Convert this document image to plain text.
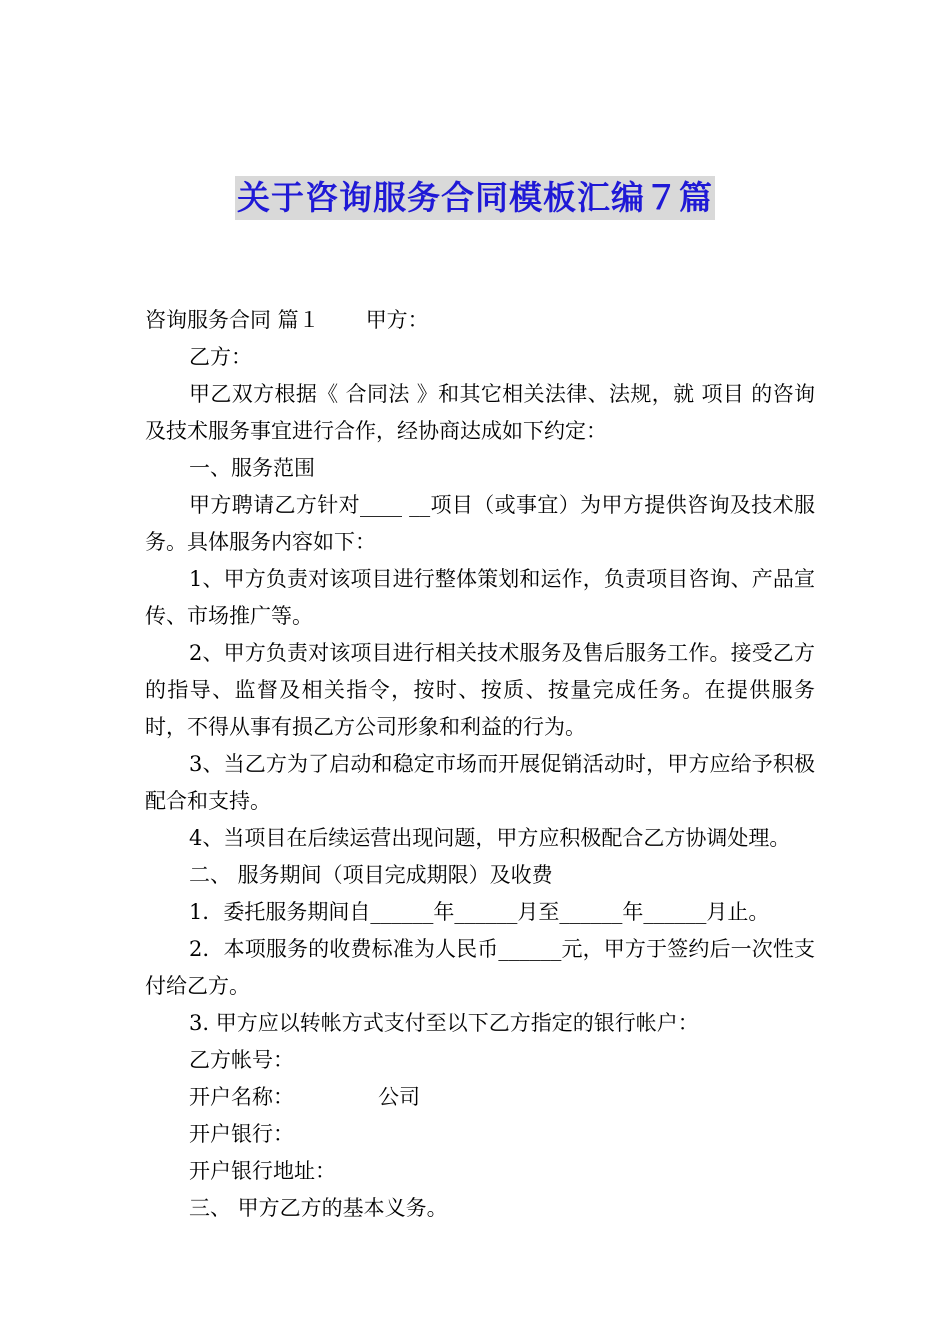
关于咨询服务合同模板汇编７篇

咨询服务合同 篇１ 甲方：

乙方：

甲乙双方根据《 合同法 》和其它相关法律、法规，就 项目 的咨询及技术服务事宜进行合作，经协商达成如下约定：

一、服务范围

甲方聘请乙方针对____ __项目（或事宜）为甲方提供咨询及技术服务。具体服务内容如下：

1、甲方负责对该项目进行整体策划和运作，负责项目咨询、产品宣传、市场推广等。

2、甲方负责对该项目进行相关技术服务及售后服务工作。接受乙方的指导、监督及相关指令，按时、按质、按量完成任务。在提供服务时，不得从事有损乙方公司形象和利益的行为。

3、当乙方为了启动和稳定市场而开展促销活动时，甲方应给予积极配合和支持。

4、当项目在后续运营出现问题，甲方应积极配合乙方协调处理。

二、 服务期间（项目完成期限）及收费

1．委托服务期间自______年______月至______年______月止。

2．本项服务的收费标准为人民币______元，甲方于签约后一次性支付给乙方。

3. 甲方应以转帐方式支付至以下乙方指定的银行帐户：

乙方帐号：

开户名称：	公司

开户银行：

开户银行地址：

三、 甲方乙方的基本义务。
